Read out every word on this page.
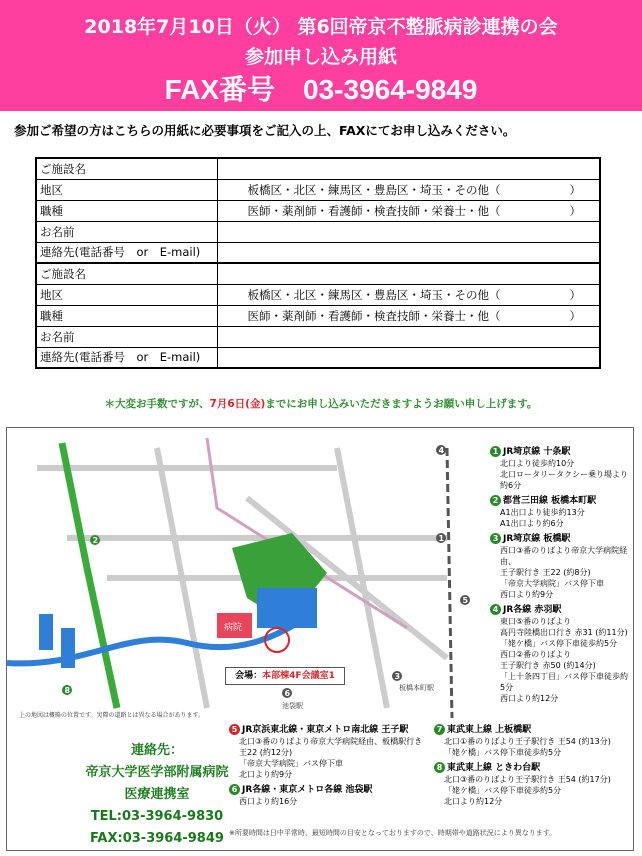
2018年7月10日（火） 第6回帝京不整脈病診連携の会
参加申し込み用紙
FAX番号　03-3964-9849
参加ご希望の方はこちらの用紙に必要事項をご記入の上、FAXにてお申し込みください。
ご施設名	
地区	板橋区・北区・練馬区・豊島区・埼玉・その他（　　　　　　）
職種	医師・薬剤師・看護師・検査技師・栄養士・他（　　　　　　）
お名前	
連絡先(電話番号　or　E-mail)	
ご施設名	
地区	板橋区・北区・練馬区・豊島区・埼玉・その他（　　　　　　）
職種	医師・薬剤師・看護師・検査技師・栄養士・他（　　　　　　）
お名前	
連絡先(電話番号　or　E-mail)	
＊大変お手数ですが、7月6日(金)までにお申し込みいただきますようお願い申し上げます。
病院
2
4
1
5
8	6
3
池袋駅
板橋本町駅
会場：本部棟4F会議室1
上の地図は概略の位置です。実際の道路とは異なる場合があります。
連絡先：
帝京大学医学部附属病院
医療連携室
TEL:03-3964-9830
FAX:03-3964-9849
1 JR埼京線 十条駅
北口より徒歩約10分
北口ロータリータクシー乗り場より
約6分
2 都営三田線 板橋本町駅
A1出口より徒歩約13分
A1出口より約6分
3 JR埼京線 板橋駅
西口③番のりばより帝京大学病院経由、
王子駅行き 王22 (約8分)
「帝京大学病院」バス停下車
西口より約9分
4 JR各線 赤羽駅
東口⑤番のりばより
高円寺陸橋出口行き 赤31 (約11分)
「姥ケ橋」バス停下車徒歩約5分
西口②番のりばより
王子駅行き 赤50 (約14分)
「上十条四丁目」バス停下車徒歩約5分
西口より約12分
5 JR京浜東北線・東京メトロ南北線 王子駅
北口③番のりばより帝京大学病院経由、板橋駅行き 王22 (約12分)
「帝京大学病院」バス停下車
北口より約9分
6 JR各線・東京メトロ各線 池袋駅
西口より約16分
7 東武東上線 上板橋駅
北口①番のりばより王子駅行き 王54 (約13分)
「姥ケ橋」バス停下車徒歩約5分
8 東武東上線 ときわ台駅
北口③番のりばより王子駅行き 王54 (約17分)
「姥ケ橋」バス停下車徒歩約5分
北口より約12分
※所要時間は日中平常時、最短時間の目安となっておりますので、時期帯や道路状況により異なります。
